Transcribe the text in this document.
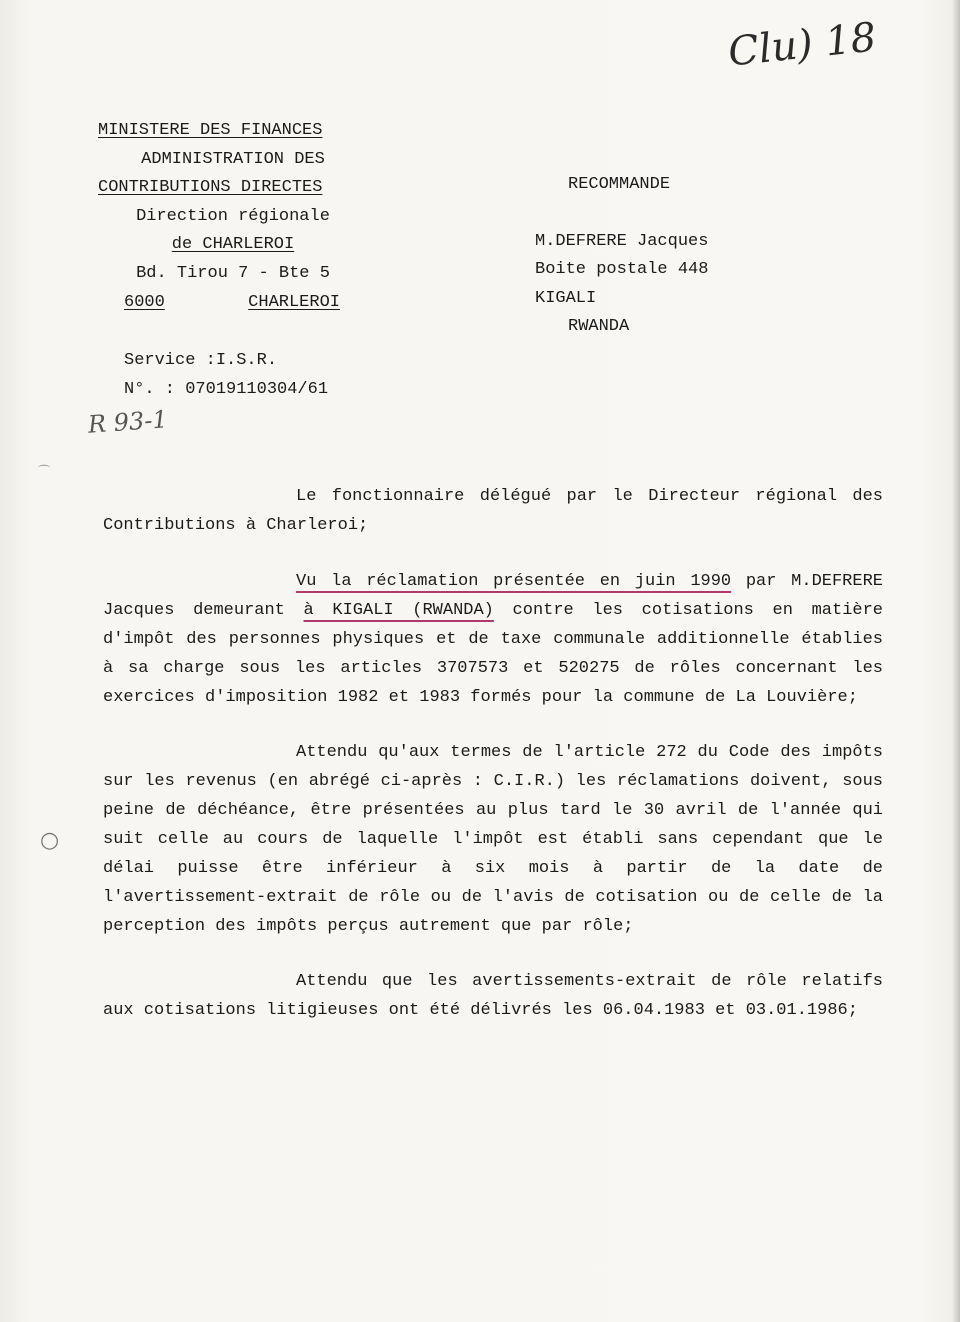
Clu) 18
MINISTERE DES FINANCES
ADMINISTRATION DES
CONTRIBUTIONS DIRECTES
Direction régionale
de CHARLEROI
Bd. Tirou 7 - Bte 5
6000	CHARLEROI
RECOMMANDE
M.DEFRERE Jacques
Boite postale 448
KIGALI
RWANDA
Service :I.S.R.
N°. : 07019110304/61
R 93-1
⌒
○

Le fonctionnaire délégué par le Directeur régional des Contributions à Charleroi;

Vu la réclamation présentée en juin 1990 par M.DEFRERE Jacques demeurant à KIGALI (RWANDA) contre les cotisations en matière d'impôt des personnes physiques et de taxe communale additionnelle établies à sa charge sous les articles 3707573 et 520275 de rôles concernant les exercices d'imposition 1982 et 1983 formés pour la commune de La Louvière;

Attendu qu'aux termes de l'article 272 du Code des impôts sur les revenus (en abrégé ci-après : C.I.R.) les réclamations doivent, sous peine de déchéance, être présentées au plus tard le 30 avril de l'année qui suit celle au cours de laquelle l'impôt est établi sans cependant que le délai puisse être inférieur à six mois à partir de la date de l'avertissement-extrait de rôle ou de l'avis de cotisation ou de celle de la perception des impôts perçus autrement que par rôle;

Attendu que les avertissements-extrait de rôle relatifs aux cotisations litigieuses ont été délivrés les 06.04.1983 et 03.01.1986;
